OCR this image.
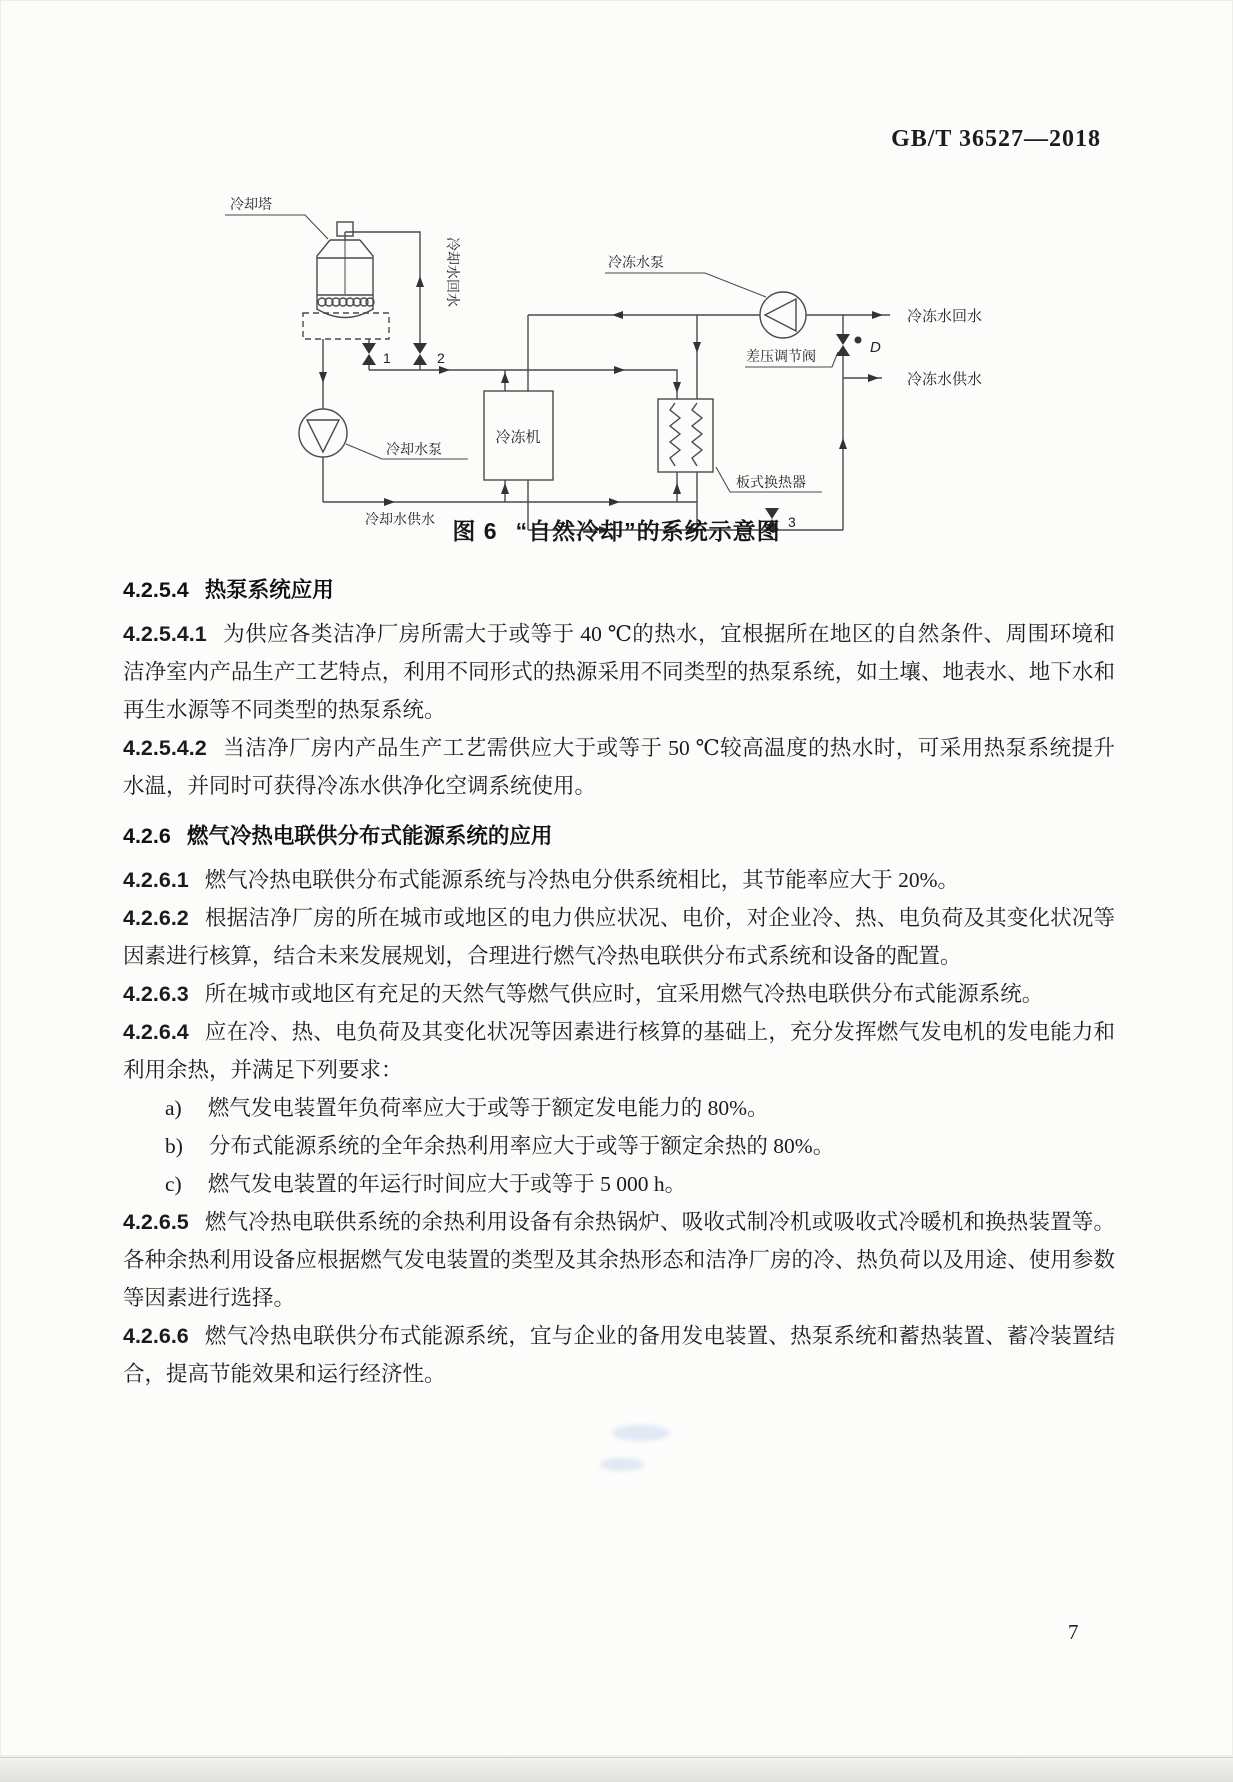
GB/T 36527—2018
冷却塔
冷却水回水
1	2
冷冻水泵
冷冻水回水
差压调节阀	D
冷冻水供水
冷冻机
板式换热器
冷却水泵
冷却水供水	3
图 6 “自然冷却”的系统示意图
4.2.5.4 热泵系统应用

4.2.5.4.1 为供应各类洁净厂房所需大于或等于 40 ℃的热水，宜根据所在地区的自然条件、周围环境和洁净室内产品生产工艺特点，利用不同形式的热源采用不同类型的热泵系统，如土壤、地表水、地下水和再生水源等不同类型的热泵系统。

4.2.5.4.2 当洁净厂房内产品生产工艺需供应大于或等于 50 ℃较高温度的热水时，可采用热泵系统提升水温，并同时可获得冷冻水供净化空调系统使用。

4.2.6 燃气冷热电联供分布式能源系统的应用

4.2.6.1 燃气冷热电联供分布式能源系统与冷热电分供系统相比，其节能率应大于 20%。

4.2.6.2 根据洁净厂房的所在城市或地区的电力供应状况、电价，对企业冷、热、电负荷及其变化状况等因素进行核算，结合未来发展规划，合理进行燃气冷热电联供分布式系统和设备的配置。

4.2.6.3 所在城市或地区有充足的天然气等燃气供应时，宜采用燃气冷热电联供分布式能源系统。

4.2.6.4 应在冷、热、电负荷及其变化状况等因素进行核算的基础上，充分发挥燃气发电机的发电能力和利用余热，并满足下列要求：

a) 燃气发电装置年负荷率应大于或等于额定发电能力的 80%。
b) 分布式能源系统的全年余热利用率应大于或等于额定余热的 80%。
c) 燃气发电装置的年运行时间应大于或等于 5 000 h。

4.2.6.5 燃气冷热电联供系统的余热利用设备有余热锅炉、吸收式制冷机或吸收式冷暖机和换热装置等。各种余热利用设备应根据燃气发电装置的类型及其余热形态和洁净厂房的冷、热负荷以及用途、使用参数等因素进行选择。

4.2.6.6 燃气冷热电联供分布式能源系统，宜与企业的备用发电装置、热泵系统和蓄热装置、蓄冷装置结合，提高节能效果和运行经济性。

7
